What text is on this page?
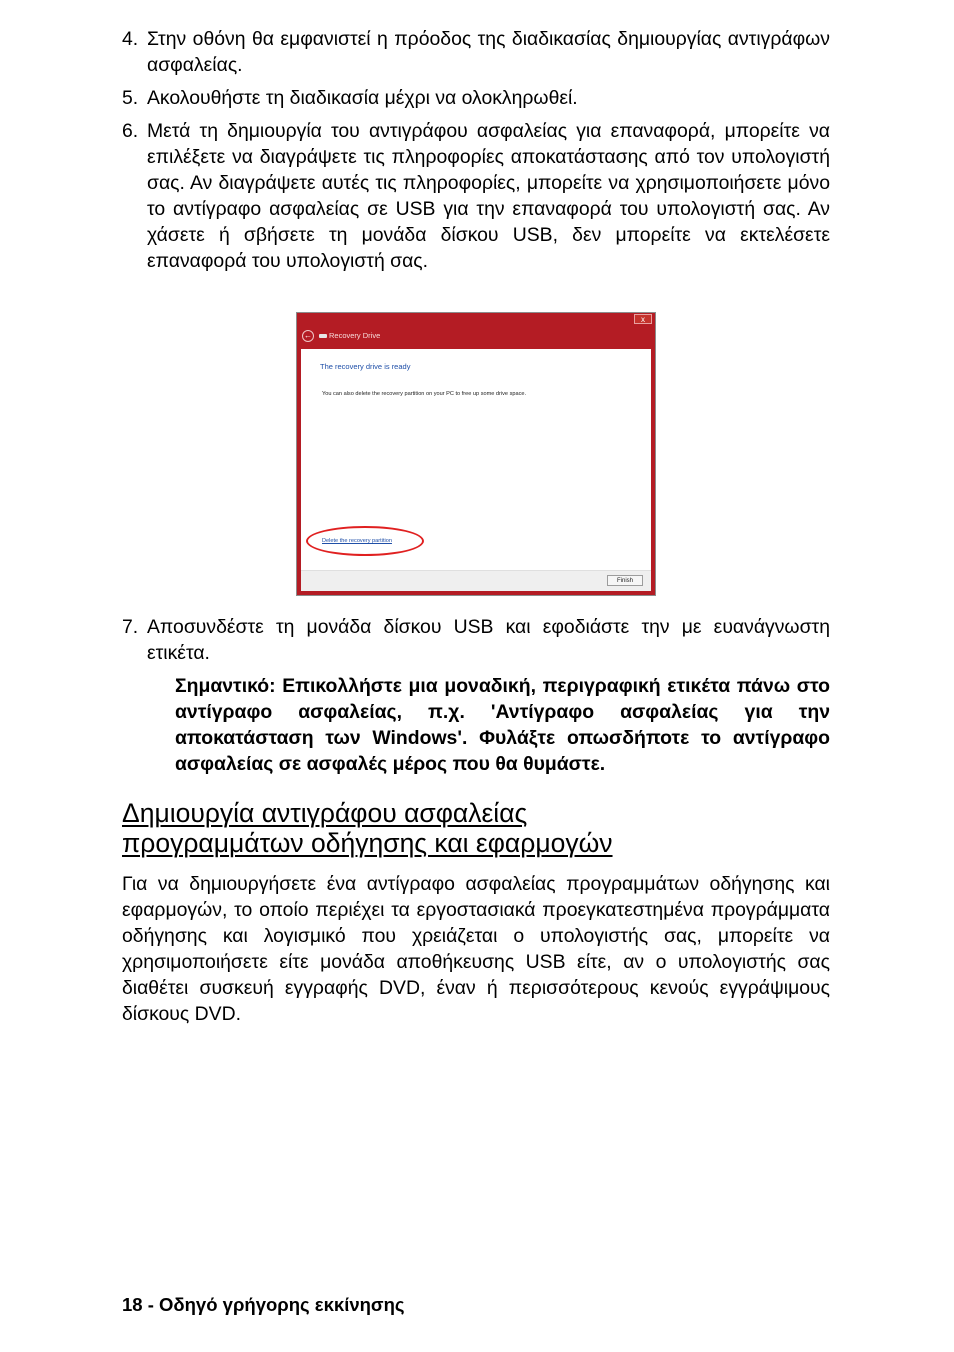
4. Στην οθόνη θα εμφανιστεί η πρόοδος της διαδικασίας δημιουργίας αντιγράφων ασφαλείας.
5. Ακολουθήστε τη διαδικασία μέχρι να ολοκληρωθεί.
6. Μετά τη δημιουργία του αντιγράφου ασφαλείας για επαναφορά, μπορείτε να επιλέξετε να διαγράψετε τις πληροφορίες αποκατάστασης από τον υπολογιστή σας. Αν διαγράψετε αυτές τις πληροφορίες, μπορείτε να χρησιμοποιήσετε μόνο το αντίγραφο ασφαλείας σε USB για την επαναφορά του υπολογιστή σας. Αν χάσετε ή σβήσετε τη μονάδα δίσκου USB, δεν μπορείτε να εκτελέσετε επαναφορά του υπολογιστή σας.
x
← Recovery Drive
The recovery drive is ready
You can also delete the recovery partition on your PC to free up some drive space.
Delete the recovery partition
Finish
7. Αποσυνδέστε τη μονάδα δίσκου USB και εφοδιάστε την με ευανάγνωστη ετικέτα.
Σημαντικό: Επικολλήστε μια μοναδική, περιγραφική ετικέτα πάνω στο αντίγραφο ασφαλείας, π.χ. 'Αντίγραφο ασφαλείας για την αποκατάσταση των Windows'. Φυλάξτε οπωσδήποτε το αντίγραφο ασφαλείας σε ασφαλές μέρος που θα θυμάστε.
Δημιουργία αντιγράφου ασφαλείας
προγραμμάτων οδήγησης και εφαρμογών
Για να δημιουργήσετε ένα αντίγραφο ασφαλείας προγραμμάτων οδήγησης και εφαρμογών, το οποίο περιέχει τα εργοστασιακά προεγκατεστημένα προγράμματα οδήγησης και λογισμικό που χρειάζεται ο υπολογιστής σας, μπορείτε να χρησιμοποιήσετε είτε μονάδα αποθήκευσης USB είτε, αν ο υπολογιστής σας διαθέτει συσκευή εγγραφής DVD, έναν ή περισσότερους κενούς εγγράψιμους δίσκους DVD.
18 - Οδηγό γρήγορης εκκίνησης
